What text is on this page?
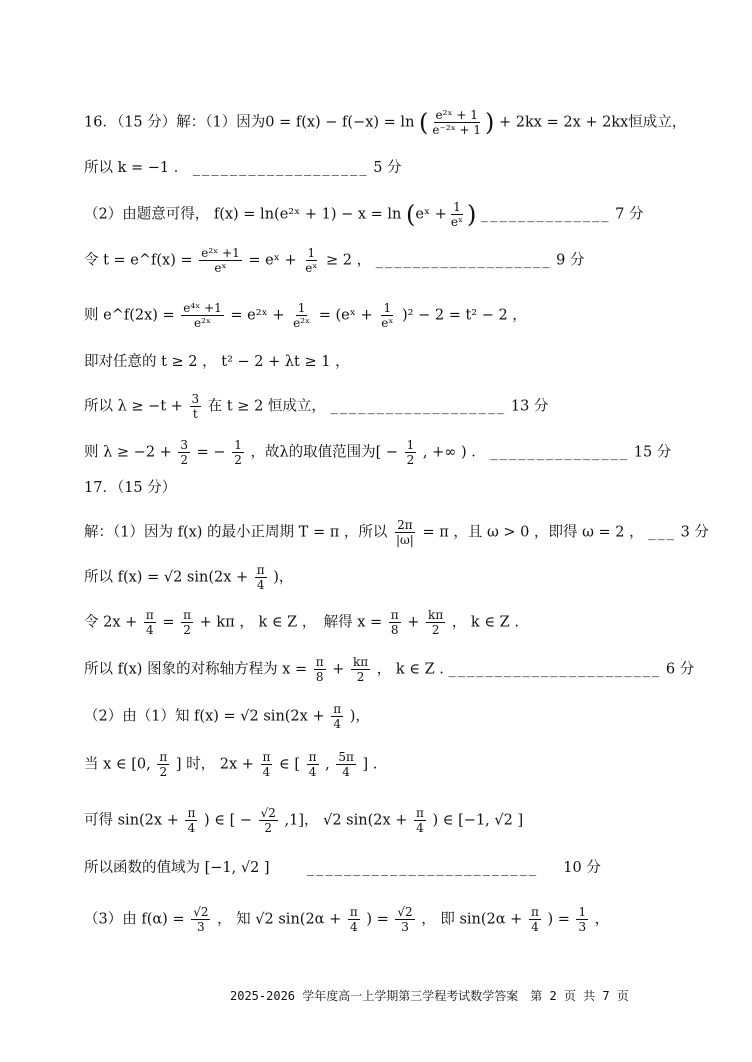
16．（15 分）解：（1）因为0 = f(x) − f(−x) = ln ( $\frac{\text{e²ˣ + 1}}{\text{e⁻²ˣ + 1}}$ ) + 2kx = 2x + 2kx恒成立，
所以 k = −1 ． ___________________ 5 分
（2）由题意可得， f(x) = ln(e²ˣ + 1) − x = ln (eˣ + $\frac{1}{\text{eˣ}}$ ) ______________ 7 分
令 t = e^f(x) = $\frac{\text{e²ˣ +1}}{\text{eˣ}}$ = eˣ + $\frac{1}{\text{eˣ}} \ge 2$ ， ___________________ 9 分
则 e^f(2x) = $\frac{\text{e⁴ˣ +1}}{\text{e²ˣ}}$ = e²ˣ + $\frac{1}{\text{e²ˣ}}$ = (eˣ + $\frac{1}{\text{eˣ}} )^2 - 2 = t^2 - 2$ ，
即对任意的 t ≥ 2 ， t² − 2 + λt ≥ 1 ，
所以 $\lambda \ge -t + \frac{3}{t}$ 在 t ≥ 2 恒成立， ___________________ 13 分
则 $\lambda \ge -2 + \frac{3}{2}$ = − $\frac{1}{2}$ ，故λ的取值范围为[ − $\frac{1}{2}$ , +∞ ) ． _______________ 15 分
17．（15 分）
解：（1）因为 f(x) 的最小正周期 T = π ，所以 $\frac{2\pi}{|\omega|} = \pi$ ，且 ω > 0 ，即得 ω = 2 ， ___ 3 分
所以 f(x) = √2 $\sin(2x + \frac{\pi}{4}$ )，
令 $2x + \frac{\pi}{4} = \frac{\pi}{2} + k\pi$ ， k ∈ Z ，　解得 $x = \frac{\pi}{8} + \frac{k\pi}{2}$ ， k ∈ Z .
所以 f(x) 图象的对称轴方程为 $x = \frac{\pi}{8} + \frac{k\pi}{2}$ ， k ∈ Z . _______________________ 6 分
（2）由（1）知 f(x) = √2 $\sin(2x + \frac{\pi}{4}$ )，
当 x ∈ [0, $\frac{\pi}{2}$ ] 时， $2x + \frac{\pi}{4}$ ∈ [ $\frac{\pi}{4}$ , $\frac{5\pi}{4}$ ] .
可得 $\sin(2x + \frac{\pi}{4}$ ) ∈ [ − $\frac{√2}{2} ,1$]， √2 $\sin(2x + \frac{\pi}{4}$ ) ∈ [−1, √2 ]
所以函数的值域为 [−1, √2 ]	_________________________ 10 分
（3）由 $f(\alpha) = \frac{√2}{3}$ ， 知 √2 $\sin(2\alpha + \frac{\pi}{4}$ ) = $\frac{√2}{3}$ ， 即 $\sin(2\alpha + \frac{\pi}{4}$ ) = $\frac{1}{3}$ ，
2025-2026 学年度高一上学期第三学程考试数学答案　第 2 页 共 7 页
